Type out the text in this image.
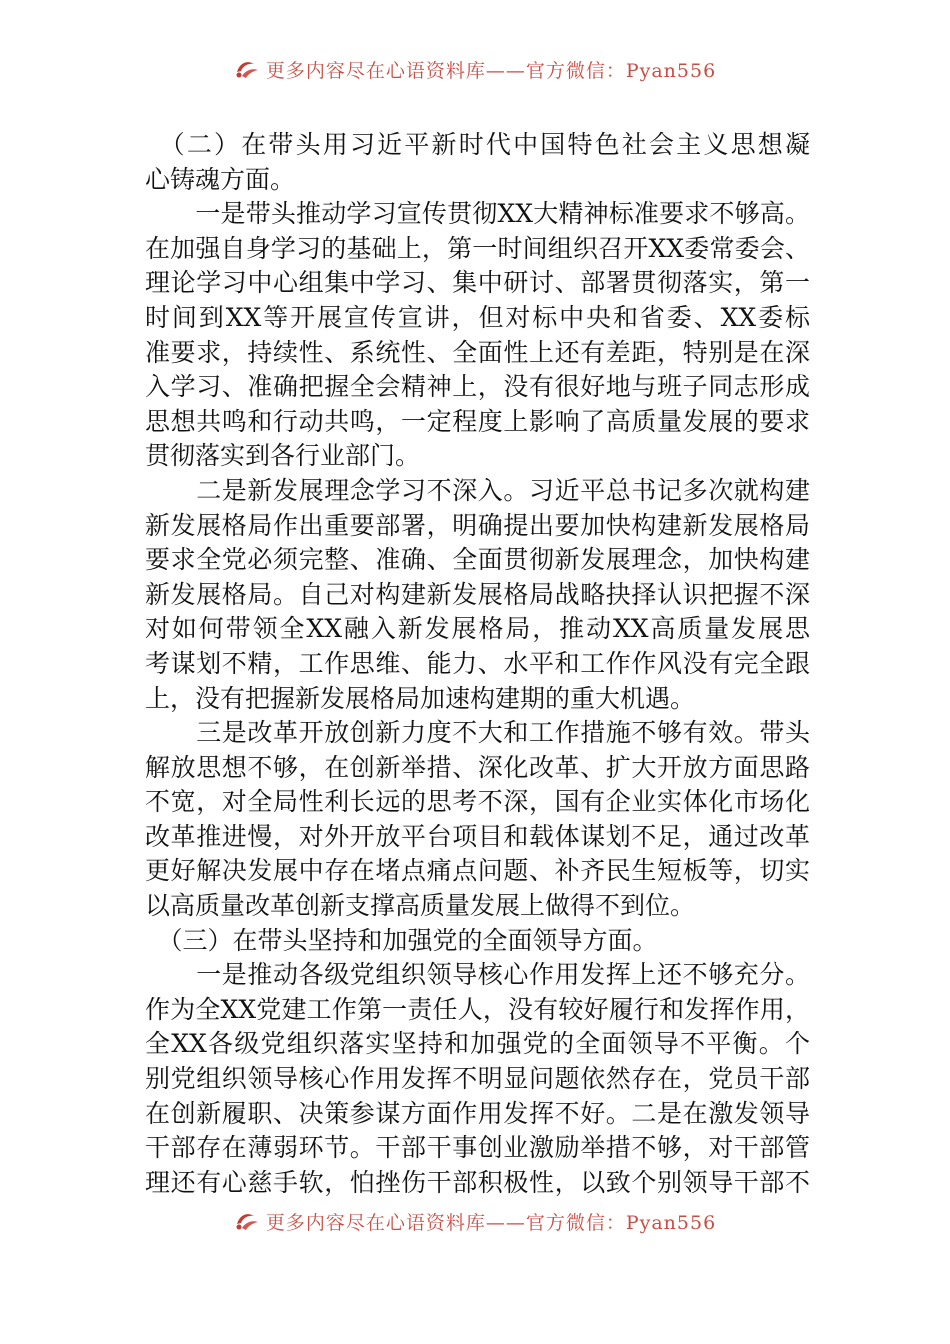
更多内容尽在心语资料库——官方微信：Pyan556
　（二）在带头用习近平新时代中国特色社会主义思想凝
心铸魂方面。
　　一是带头推动学习宣传贯彻XX大精神标准要求不够高。
在加强自身学习的基础上，第一时间组织召开XX委常委会、
理论学习中心组集中学习、集中研讨、部署贯彻落实，第一
时间到XX等开展宣传宣讲，但对标中央和省委、XX委标
准要求，持续性、系统性、全面性上还有差距，特别是在深
入学习、准确把握全会精神上，没有很好地与班子同志形成
思想共鸣和行动共鸣，一定程度上影响了高质量发展的要求
贯彻落实到各行业部门。
　　二是新发展理念学习不深入。习近平总书记多次就构建
新发展格局作出重要部署，明确提出要加快构建新发展格局
要求全党必须完整、准确、全面贯彻新发展理念，加快构建
新发展格局。自己对构建新发展格局战略抉择认识把握不深
对如何带领全XX融入新发展格局，推动XX高质量发展思
考谋划不精，工作思维、能力、水平和工作作风没有完全跟
上，没有把握新发展格局加速构建期的重大机遇。
　　三是改革开放创新力度不大和工作措施不够有效。带头
解放思想不够，在创新举措、深化改革、扩大开放方面思路
不宽，对全局性利长远的思考不深，国有企业实体化市场化
改革推进慢，对外开放平台项目和载体谋划不足，通过改革
更好解决发展中存在堵点痛点问题、补齐民生短板等，切实
以高质量改革创新支撑高质量发展上做得不到位。
　（三）在带头坚持和加强党的全面领导方面。
　　一是推动各级党组织领导核心作用发挥上还不够充分。
作为全XX党建工作第一责任人，没有较好履行和发挥作用，
全XX各级党组织落实坚持和加强党的全面领导不平衡。个
别党组织领导核心作用发挥不明显问题依然存在，党员干部
在创新履职、决策参谋方面作用发挥不好。二是在激发领导
干部存在薄弱环节。干部干事创业激励举措不够，对干部管
理还有心慈手软，怕挫伤干部积极性，以致个别领导干部不
更多内容尽在心语资料库——官方微信：Pyan556
